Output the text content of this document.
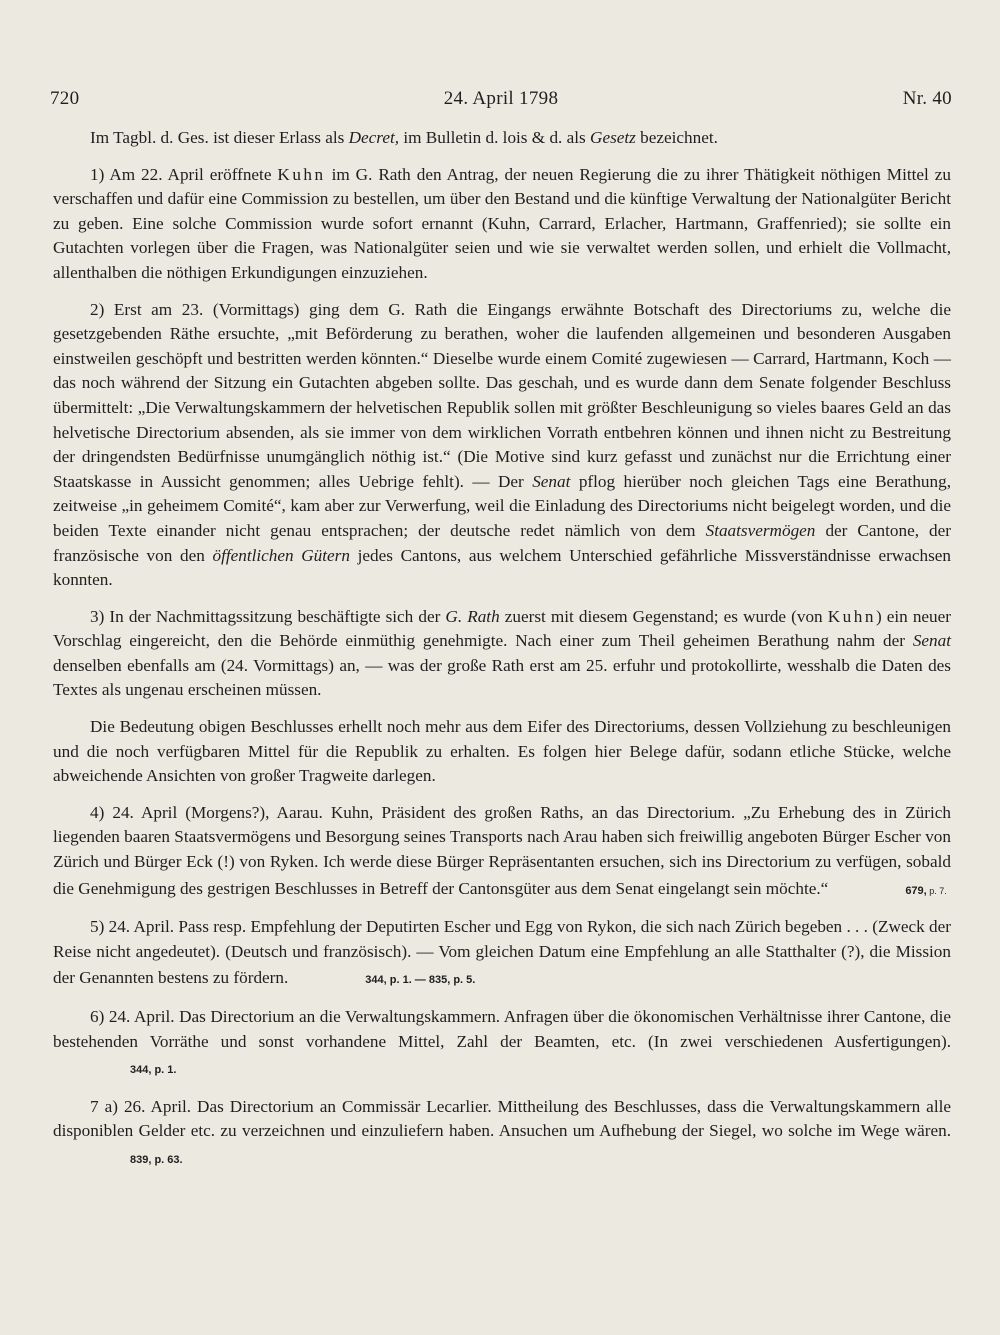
720	24. April 1798	Nr. 40

Im Tagbl. d. Ges. ist dieser Erlass als Decret, im Bulletin d. lois & d. als Gesetz bezeichnet.

1) Am 22. April eröffnete Kuhn im G. Rath den Antrag, der neuen Regierung die zu ihrer Thätigkeit nöthigen Mittel zu verschaffen und dafür eine Commission zu bestellen, um über den Bestand und die künftige Verwaltung der Nationalgüter Bericht zu geben. Eine solche Commission wurde sofort ernannt (Kuhn, Carrard, Erlacher, Hartmann, Graffenried); sie sollte ein Gutachten vorlegen über die Fragen, was Nationalgüter seien und wie sie verwaltet werden sollen, und erhielt die Vollmacht, allenthalben die nöthigen Erkundigungen einzuziehen.

2) Erst am 23. (Vormittags) ging dem G. Rath die Eingangs erwähnte Botschaft des Directoriums zu, welche die gesetzgebenden Räthe ersuchte, „mit Beförderung zu berathen, woher die laufenden allgemeinen und besonderen Ausgaben einstweilen geschöpft und bestritten werden könnten.“ Dieselbe wurde einem Comité zugewiesen — Carrard, Hartmann, Koch — das noch während der Sitzung ein Gutachten abgeben sollte. Das geschah, und es wurde dann dem Senate folgender Beschluss übermittelt: „Die Verwaltungskammern der helvetischen Republik sollen mit größter Beschleunigung so vieles baares Geld an das helvetische Directorium absenden, als sie immer von dem wirklichen Vorrath entbehren können und ihnen nicht zu Bestreitung der dringendsten Bedürfnisse unumgänglich nöthig ist.“ (Die Motive sind kurz gefasst und zunächst nur die Errichtung einer Staatskasse in Aussicht genommen; alles Uebrige fehlt). — Der Senat pflog hierüber noch gleichen Tags eine Berathung, zeitweise „in geheimem Comité“, kam aber zur Verwerfung, weil die Einladung des Directoriums nicht beigelegt worden, und die beiden Texte einander nicht genau entsprachen; der deutsche redet nämlich von dem Staatsvermögen der Cantone, der französische von den öffentlichen Gütern jedes Cantons, aus welchem Unterschied gefährliche Missverständnisse erwachsen konnten.

3) In der Nachmittagssitzung beschäftigte sich der G. Rath zuerst mit diesem Gegenstand; es wurde (von Kuhn) ein neuer Vorschlag eingereicht, den die Behörde einmüthig genehmigte. Nach einer zum Theil geheimen Berathung nahm der Senat denselben ebenfalls am (24. Vormittags) an, — was der große Rath erst am 25. erfuhr und protokollirte, wesshalb die Daten des Textes als ungenau erscheinen müssen.

Die Bedeutung obigen Beschlusses erhellt noch mehr aus dem Eifer des Directoriums, dessen Vollziehung zu beschleunigen und die noch verfügbaren Mittel für die Republik zu erhalten. Es folgen hier Belege dafür, sodann etliche Stücke, welche abweichende Ansichten von großer Tragweite darlegen.

4) 24. April (Morgens?), Aarau. Kuhn, Präsident des großen Raths, an das Directorium. „Zu Erhebung des in Zürich liegenden baaren Staatsvermögens und Besorgung seines Transports nach Arau haben sich freiwillig angeboten Bürger Escher von Zürich und Bürger Eck (!) von Ryken. Ich werde diese Bürger Repräsentanten ersuchen, sich ins Directorium zu verfügen, sobald die Genehmigung des gestrigen Beschlusses in Betreff der Cantonsgüter aus dem Senat eingelangt sein möchte.“	679, p. 7.

5) 24. April. Pass resp. Empfehlung der Deputirten Escher und Egg von Rykon, die sich nach Zürich begeben . . . (Zweck der Reise nicht angedeutet). (Deutsch und französisch). — Vom gleichen Datum eine Empfehlung an alle Statthalter (?), die Mission der Genannten bestens zu fördern.	344, p. 1. — 835, p. 5.

6) 24. April. Das Directorium an die Verwaltungskammern. Anfragen über die ökonomischen Verhältnisse ihrer Cantone, die bestehenden Vorräthe und sonst vorhandene Mittel, Zahl der Beamten, etc. (In zwei verschiedenen Ausfertigungen).344, p. 1.

7 a) 26. April. Das Directorium an Commissär Lecarlier. Mittheilung des Beschlusses, dass die Verwaltungskammern alle disponiblen Gelder etc. zu verzeichnen und einzuliefern haben. Ansuchen um Aufhebung der Siegel, wo solche im Wege wären.839, p. 63.
